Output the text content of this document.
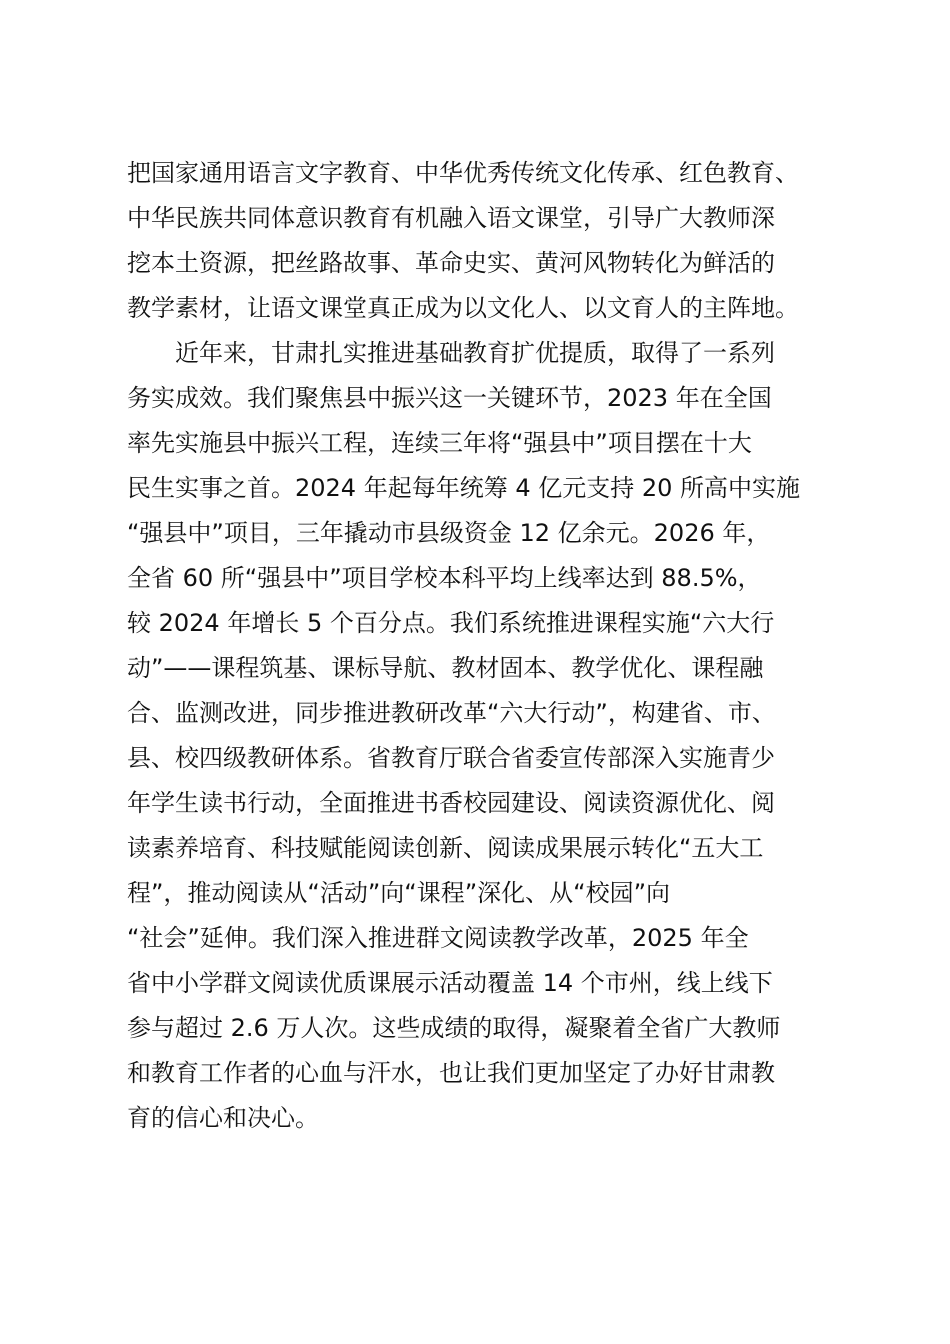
把国家通用语言文字教育、中华优秀传统文化传承、红色教育、
中华民族共同体意识教育有机融入语文课堂，引导广大教师深
挖本土资源，把丝路故事、革命史实、黄河风物转化为鲜活的
教学素材，让语文课堂真正成为以文化人、以文育人的主阵地。
近年来，甘肃扎实推进基础教育扩优提质，取得了一系列
务实成效。我们聚焦县中振兴这一关键环节，2023 年在全国
率先实施县中振兴工程，连续三年将“强县中”项目摆在十大
民生实事之首。2024 年起每年统筹 4 亿元支持 20 所高中实施
“强县中”项目，三年撬动市县级资金 12 亿余元。2026 年，
全省 60 所“强县中”项目学校本科平均上线率达到 88.5%，
较 2024 年增长 5 个百分点。我们系统推进课程实施“六大行
动”——课程筑基、课标导航、教材固本、教学优化、课程融
合、监测改进，同步推进教研改革“六大行动”，构建省、市、
县、校四级教研体系。省教育厅联合省委宣传部深入实施青少
年学生读书行动，全面推进书香校园建设、阅读资源优化、阅
读素养培育、科技赋能阅读创新、阅读成果展示转化“五大工
程”，推动阅读从“活动”向“课程”深化、从“校园”向
“社会”延伸。我们深入推进群文阅读教学改革，2025 年全
省中小学群文阅读优质课展示活动覆盖 14 个市州，线上线下
参与超过 2.6 万人次。这些成绩的取得，凝聚着全省广大教师
和教育工作者的心血与汗水，也让我们更加坚定了办好甘肃教
育的信心和决心。
